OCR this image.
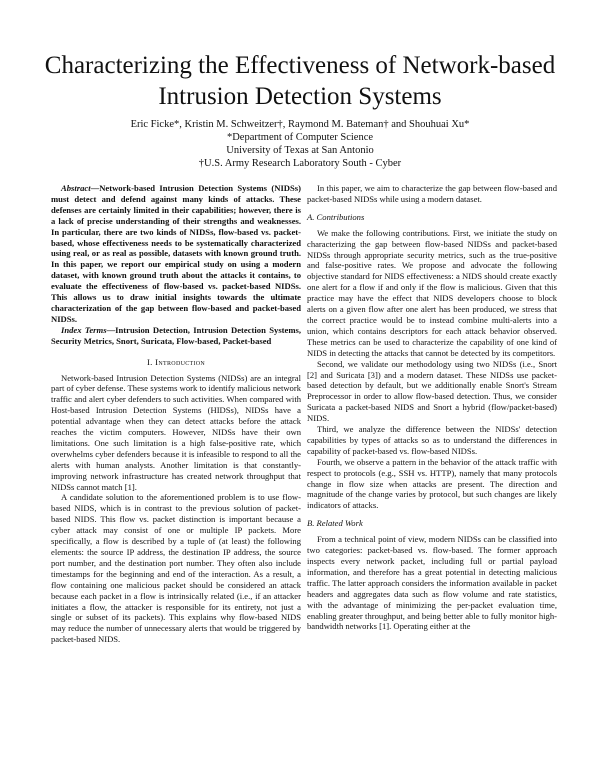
Characterizing the Effectiveness of Network-based Intrusion Detection Systems
Eric Ficke*, Kristin M. Schweitzer†, Raymond M. Bateman† and Shouhuai Xu*
*Department of Computer Science
University of Texas at San Antonio
†U.S. Army Research Laboratory South - Cyber

Abstract—Network-based Intrusion Detection Systems (NIDSs) must detect and defend against many kinds of attacks. These defenses are certainly limited in their capabilities; however, there is a lack of precise understanding of their strengths and weaknesses. In particular, there are two kinds of NIDSs, flow-based vs. packet-based, whose effectiveness needs to be systematically characterized using real, or as real as possible, datasets with known ground truth. In this paper, we report our empirical study on using a modern dataset, with known ground truth about the attacks it contains, to evaluate the effectiveness of flow-based vs. packet-based NIDSs. This allows us to draw initial insights towards the ultimate characterization of the gap between flow-based and packet-based NIDSs.

Index Terms—Intrusion Detection, Intrusion Detection Systems, Security Metrics, Snort, Suricata, Flow-based, Packet-based

I. Introduction

Network-based Intrusion Detection Systems (NIDSs) are an integral part of cyber defense. These systems work to identify malicious network traffic and alert cyber defenders to such activities. When compared with Host-based Intrusion Detection Systems (HIDSs), NIDSs have a potential advantage when they can detect attacks before the attack reaches the victim computers. However, NIDSs have their own limitations. One such limitation is a high false-positive rate, which overwhelms cyber defenders because it is infeasible to respond to all the alerts with human analysts. Another limitation is that constantly-improving network infrastructure has created network throughput that NIDSs cannot match [1].

A candidate solution to the aforementioned problem is to use flow-based NIDS, which is in contrast to the previous solution of packet-based NIDS. This flow vs. packet distinction is important because a cyber attack may consist of one or multiple IP packets. More specifically, a flow is described by a tuple of (at least) the following elements: the source IP address, the destination IP address, the source port number, and the destination port number. They often also include timestamps for the beginning and end of the interaction. As a result, a flow containing one malicious packet should be considered an attack because each packet in a flow is intrinsically related (i.e., if an attacker initiates a flow, the attacker is responsible for its entirety, not just a single or subset of its packets). This explains why flow-based NIDS may reduce the number of unnecessary alerts that would be triggered by packet-based NIDS.

In this paper, we aim to characterize the gap between flow-based and packet-based NIDSs while using a modern dataset.

A. Contributions

We make the following contributions. First, we initiate the study on characterizing the gap between flow-based NIDSs and packet-based NIDSs through appropriate security metrics, such as the true-positive and false-positive rates. We propose and advocate the following objective standard for NIDS effectiveness: a NIDS should create exactly one alert for a flow if and only if the flow is malicious. Given that this practice may have the effect that NIDS developers choose to block alerts on a given flow after one alert has been produced, we stress that the correct practice would be to instead combine multi-alerts into a union, which contains descriptors for each attack behavior observed. These metrics can be used to characterize the capability of one kind of NIDS in detecting the attacks that cannot be detected by its competitors.

Second, we validate our methodology using two NIDSs (i.e., Snort [2] and Suricata [3]) and a modern dataset. These NIDSs use packet-based detection by default, but we additionally enable Snort's Stream Preprocessor in order to allow flow-based detection. Thus, we consider Suricata a packet-based NIDS and Snort a hybrid (flow/packet-based) NIDS.

Third, we analyze the difference between the NIDSs' detection capabilities by types of attacks so as to understand the differences in capability of packet-based vs. flow-based NIDSs.

Fourth, we observe a pattern in the behavior of the attack traffic with respect to protocols (e.g., SSH vs. HTTP), namely that many protocols change in flow size when attacks are present. The direction and magnitude of the change varies by protocol, but such changes are likely indicators of attacks.

B. Related Work

From a technical point of view, modern NIDSs can be classified into two categories: packet-based vs. flow-based. The former approach inspects every network packet, including full or partial payload information, and therefore has a great potential in detecting malicious traffic. The latter approach considers the information available in packet headers and aggregates data such as flow volume and rate statistics, with the advantage of minimizing the per-packet evaluation time, enabling greater throughput, and being better able to fully monitor high-bandwidth networks [1]. Operating either at the
